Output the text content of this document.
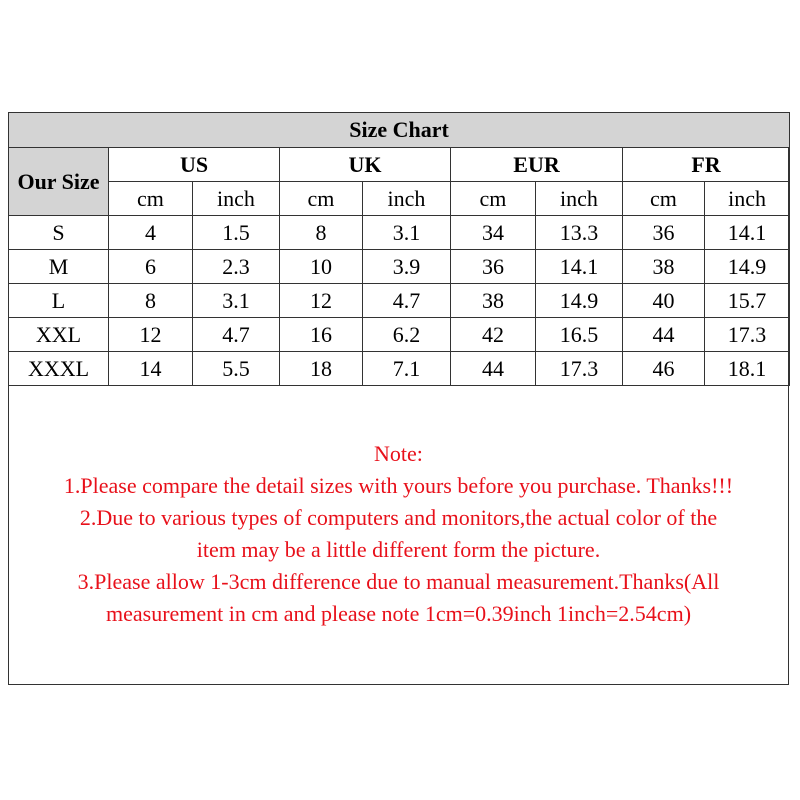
Size Chart								
Our Size	US		UK		EUR		FR	
	cm	inch	cm	inch	cm	inch	cm	inch
S	4	1.5	8	3.1	34	13.3	36	14.1
M	6	2.3	10	3.9	36	14.1	38	14.9
L	8	3.1	12	4.7	38	14.9	40	15.7
XXL	12	4.7	16	6.2	42	16.5	44	17.3
XXXL	14	5.5	18	7.1	44	17.3	46	18.1
Note:
1.Please compare the detail sizes with yours before you purchase. Thanks!!!
2.Due to various types of computers and monitors,the actual color of the
item may be a little different form the picture.
3.Please allow 1-3cm difference due to manual measurement.Thanks(All
measurement in cm and please note 1cm=0.39inch 1inch=2.54cm)
